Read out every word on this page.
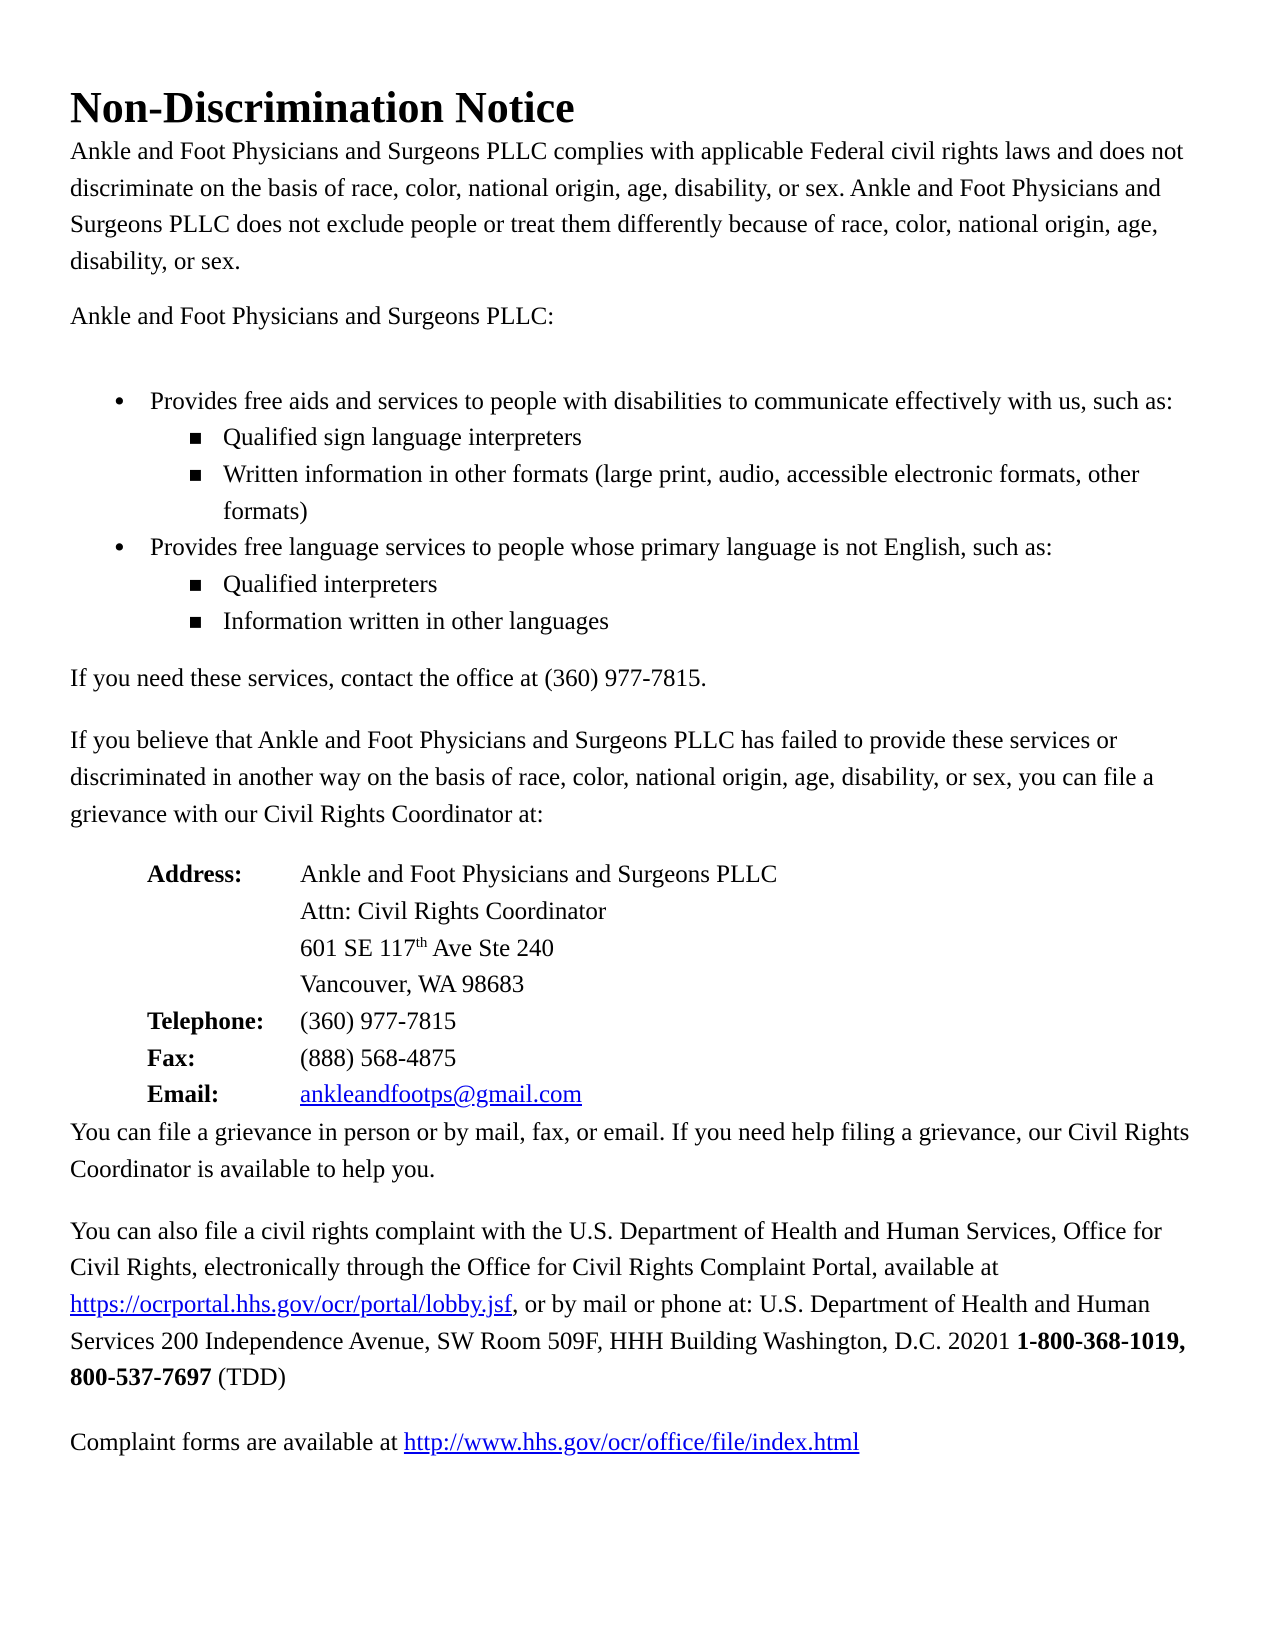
Non-Discrimination Notice

Ankle and Foot Physicians and Surgeons PLLC complies with applicable Federal civil rights laws and does not discriminate on the basis of race, color, national origin, age, disability, or sex. Ankle and Foot Physicians and Surgeons PLLC does not exclude people or treat them differently because of race, color, national origin, age, disability, or sex.

Ankle and Foot Physicians and Surgeons PLLC:

• Provides free aids and services to people with disabilities to communicate effectively with us, such as:
▪ Qualified sign language interpreters
▪ Written information in other formats (large print, audio, accessible electronic formats, other formats)
• Provides free language services to people whose primary language is not English, such as:
▪ Qualified interpreters
▪ Information written in other languages

If you need these services, contact the office at (360) 977-7815.

If you believe that Ankle and Foot Physicians and Surgeons PLLC has failed to provide these services or discriminated in another way on the basis of race, color, national origin, age, disability, or sex, you can file a grievance with our Civil Rights Coordinator at:

Address:	Ankle and Foot Physicians and Surgeons PLLC
Attn: Civil Rights Coordinator
601 SE 117th Ave Ste 240
Vancouver, WA 98683
Telephone:	(360) 977-7815
Fax:	(888) 568-4875
Email:	ankleandfootps@gmail.com

You can file a grievance in person or by mail, fax, or email. If you need help filing a grievance, our Civil Rights Coordinator is available to help you.

You can also file a civil rights complaint with the U.S. Department of Health and Human Services, Office for Civil Rights, electronically through the Office for Civil Rights Complaint Portal, available at https://ocrportal.hhs.gov/ocr/portal/lobby.jsf, or by mail or phone at: U.S. Department of Health and Human Services 200 Independence Avenue, SW Room 509F, HHH Building Washington, D.C. 20201 1-800-368-1019, 800-537-7697 (TDD)

Complaint forms are available at http://www.hhs.gov/ocr/office/file/index.html
